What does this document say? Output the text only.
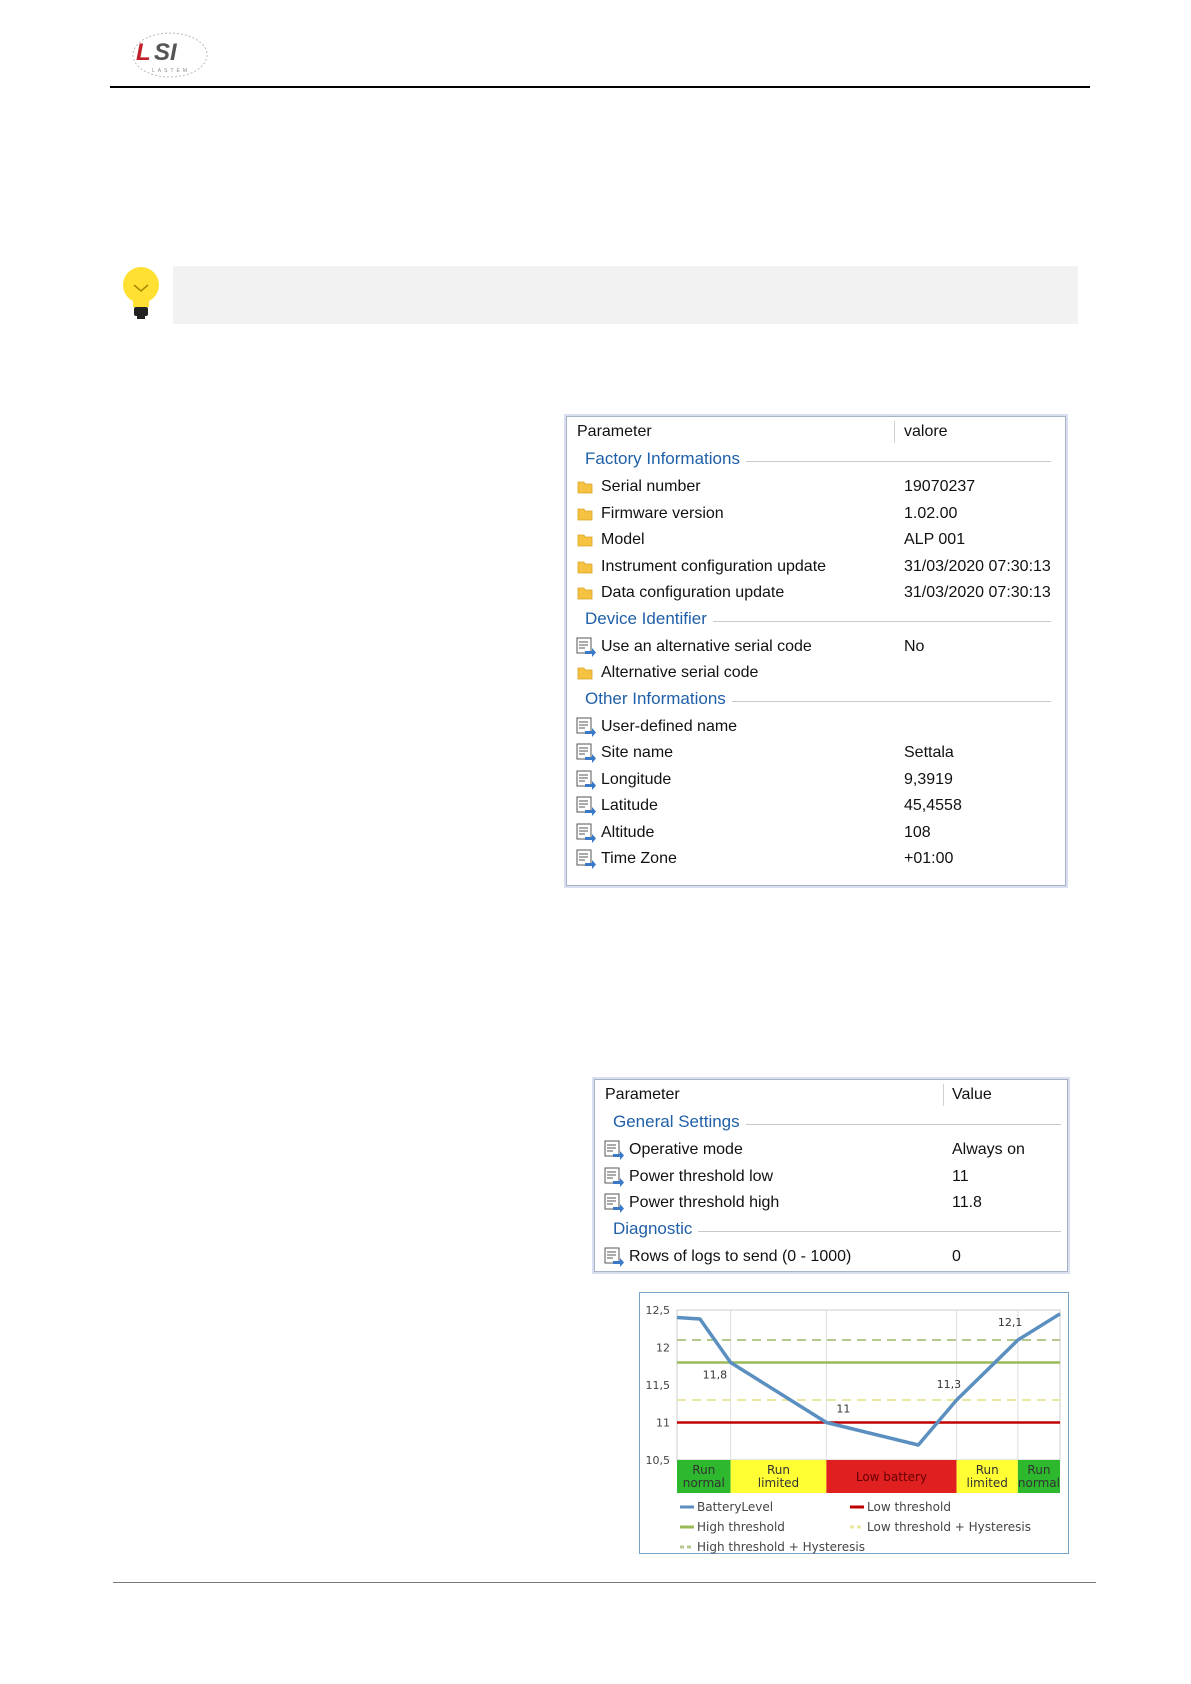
L SI
LASTEM
Parameter	valore
Factory Informations
Serial number	19070237
Firmware version	1.02.00
Model	ALP 001
Instrument configuration update	31/03/2020 07:30:13
Data configuration update	31/03/2020 07:30:13
Device Identifier
Use an alternative serial code	No
Alternative serial code
Other Informations
User-defined name
Site name	Settala
Longitude	9,3919
Latitude	45,4558
Altitude	108
Time Zone	+01:00
Parameter	Value
General Settings
Operative mode	Always on
Power threshold low	11
Power threshold high	11.8
Diagnostic
Rows of logs to send (0 - 1000)	0
12,5
12
11,5
11
10,5
11,8
11
11,3
12,1
Run normal
Run limited	Low battery	Run limited
Run normal
BatteryLevel	Low threshold
High threshold	Low threshold + Hysteresis
High threshold + Hysteresis
